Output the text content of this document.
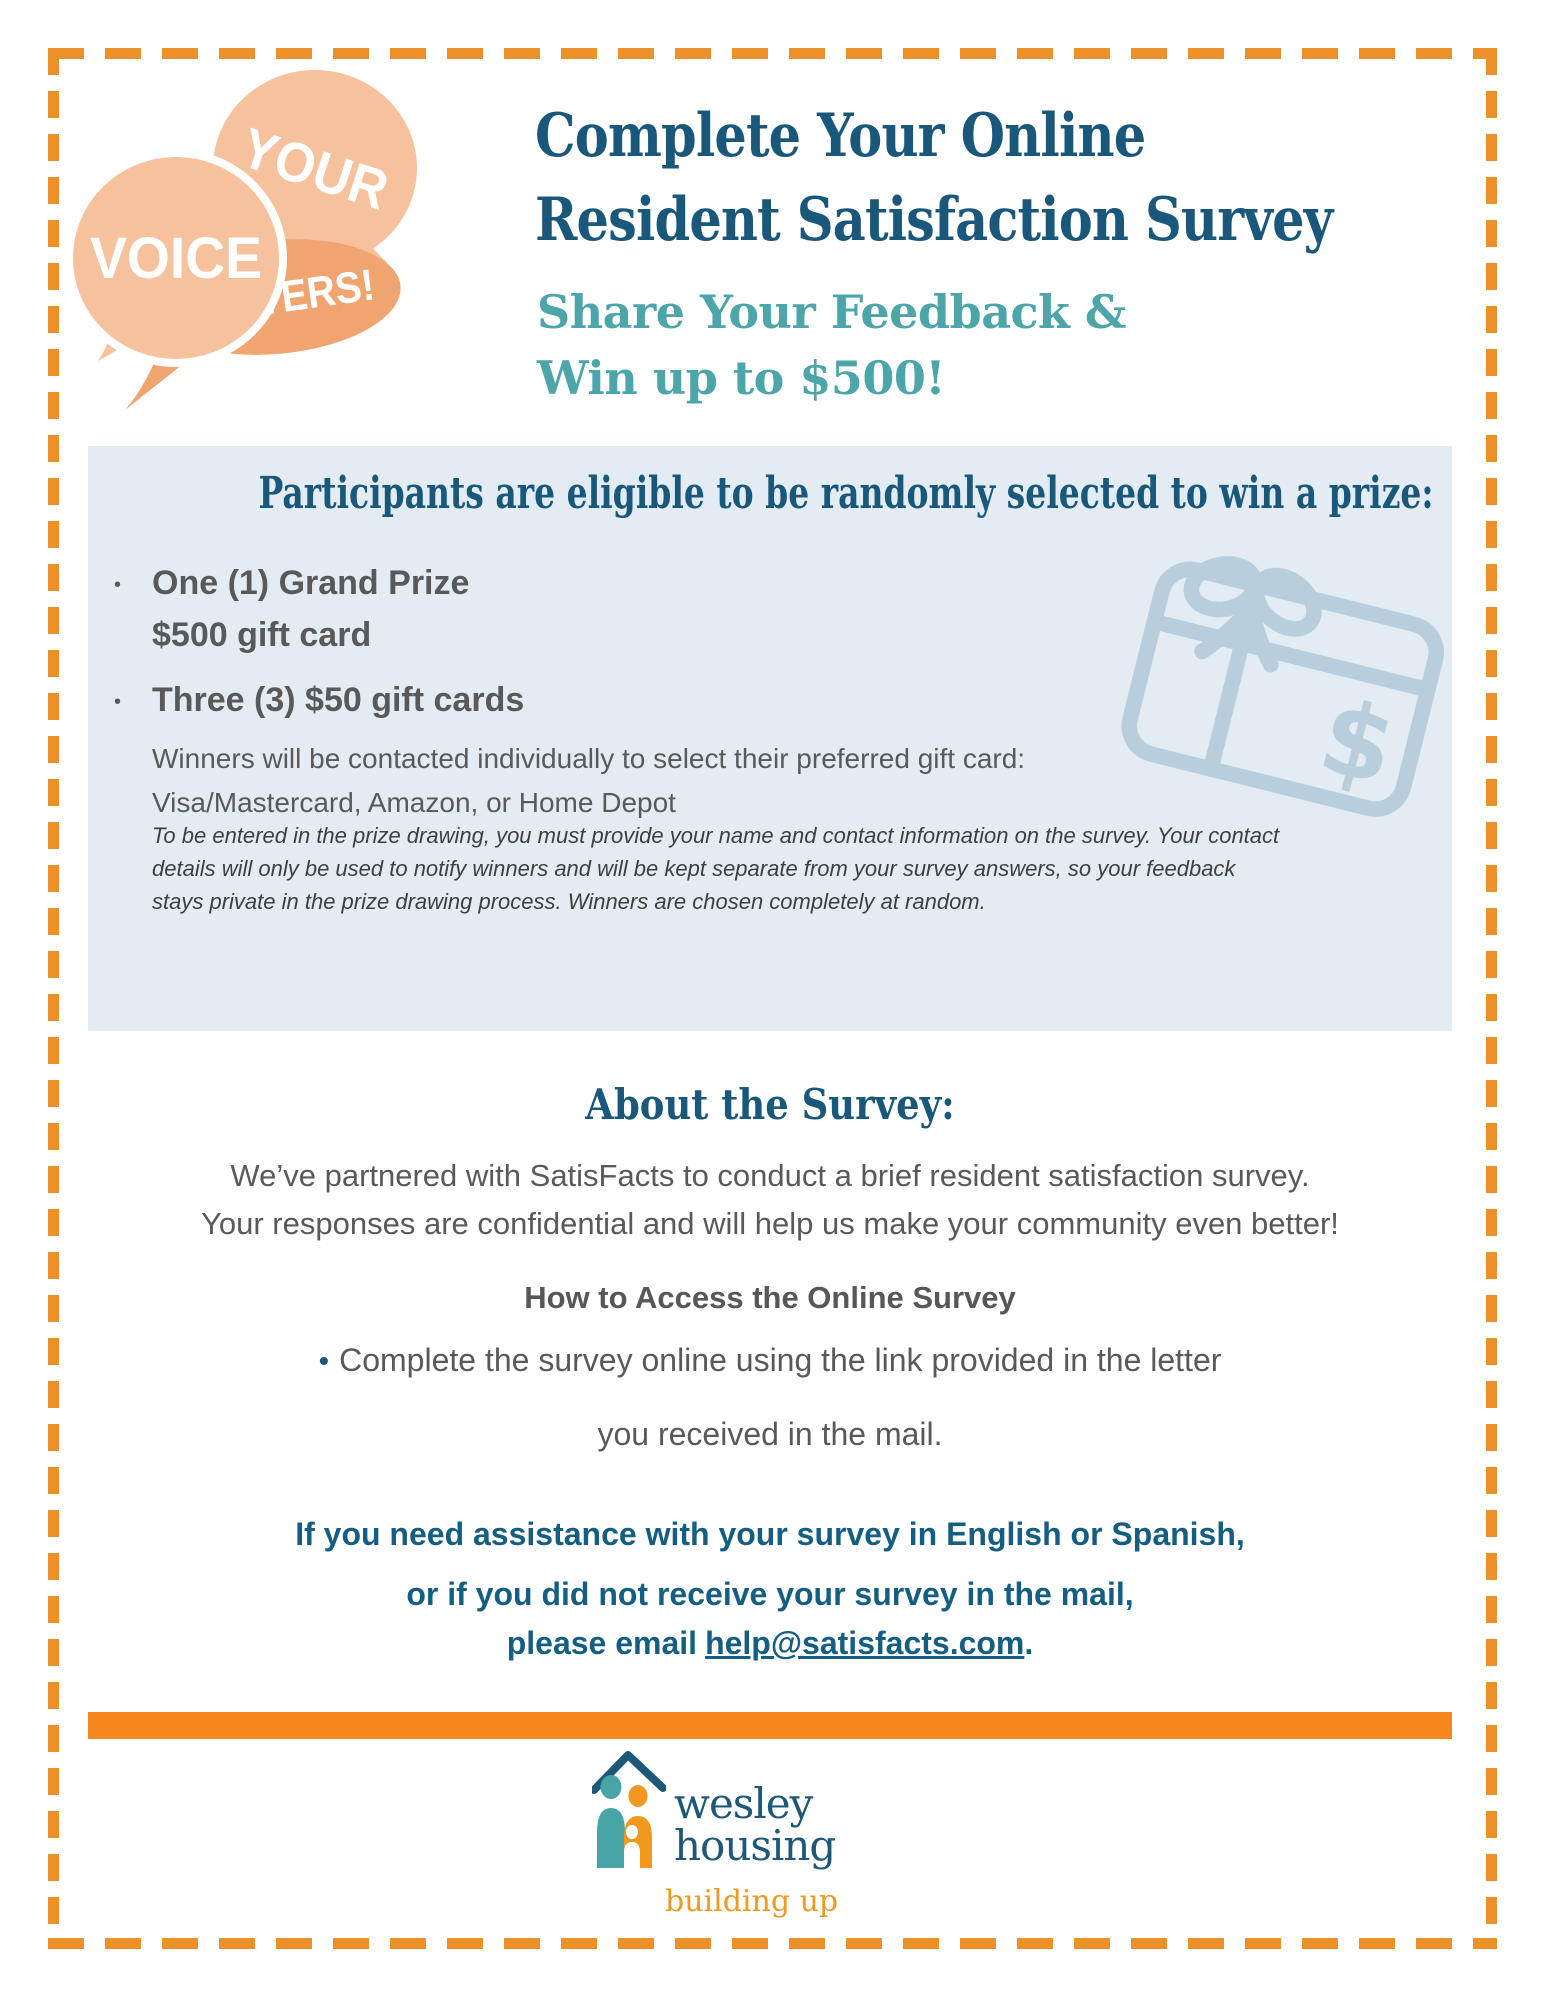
YOUR
MATTERS!
VOICE
Complete Your Online
Resident Satisfaction Survey
Share Your Feedback &
Win up to $500!
Participants are eligible to be randomly selected to win a prize:
• One (1) Grand Prize
$500 gift card
• Three (3) $50 gift cards
Winners will be contacted individually to select their preferred gift card: Visa/Mastercard, Amazon, or Home Depot
To be entered in the prize drawing, you must provide your name and contact information on the survey. Your contact details will only be used to notify winners and will be kept separate from your survey answers, so your feedback stays private in the prize drawing process. Winners are chosen completely at random.
$
About the Survey:
We’ve partnered with SatisFacts to conduct a brief resident satisfaction survey.
Your responses are confidential and will help us make your community even better!
How to Access the Online Survey
• Complete the survey online using the link provided in the letter
you received in the mail.
If you need assistance with your survey in English or Spanish,
or if you did not receive your survey in the mail,
please email help@satisfacts.com.
wesley
housing
building up
